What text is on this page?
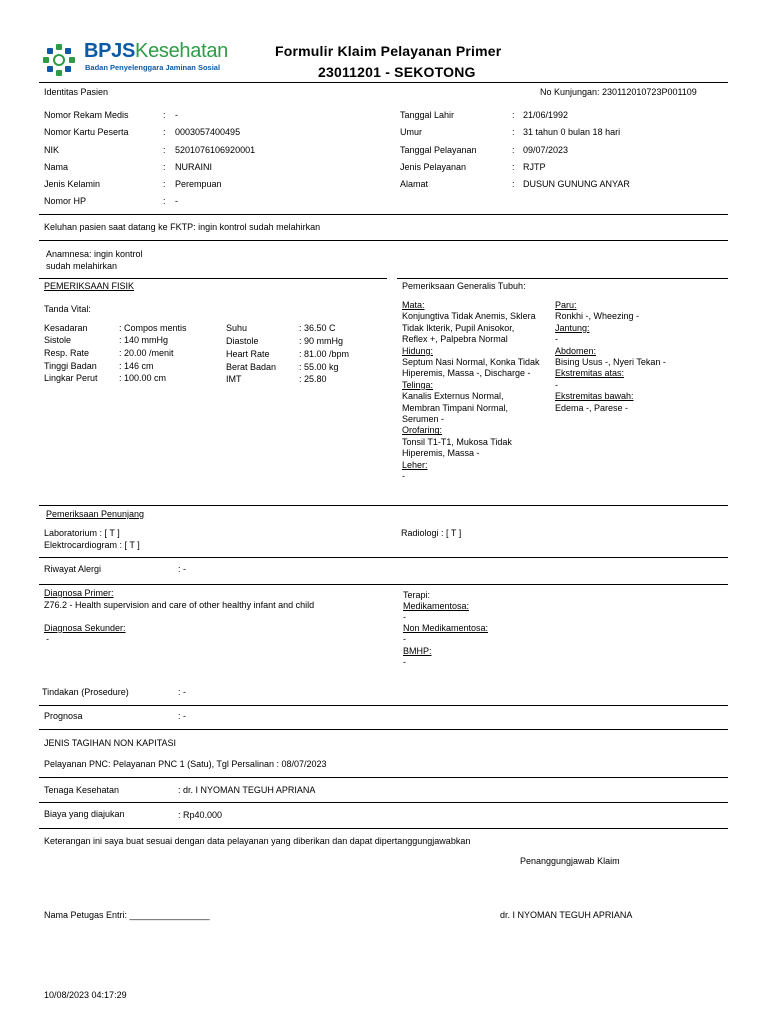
BPJSKesehatan
Badan Penyelenggara Jaminan Sosial
Formulir Klaim Pelayanan Primer
23011201 - SEKOTONG
Identitas Pasien	No Kunjungan: 230112010723P001109
Nomor Rekam Medis	: -
Nomor Kartu Peserta	: 0003057400495
NIK	: 5201076106920001
Nama	: NURAINI
Jenis Kelamin	: Perempuan
Nomor HP	: -
Tanggal Lahir	: 21/06/1992
Umur	: 31 tahun 0 bulan 18 hari
Tanggal Pelayanan	: 09/07/2023
Jenis Pelayanan	: RJTP
Alamat	: DUSUN GUNUNG ANYAR
Keluhan pasien saat datang ke FKTP: ingin kontrol sudah melahirkan
Anamnesa: ingin kontrol
sudah melahirkan
PEMERIKSAAN FISIK
Tanda Vital:
Kesadaran	: Compos mentis
Sistole	: 140 mmHg
Resp. Rate	: 20.00 /menit
Tinggi Badan : 146 cm
Lingkar Perut : 100.00 cm
Suhu	: 36.50 C
Diastole	: 90 mmHg
Heart Rate	: 81.00 /bpm
Berat Badan	: 55.00 kg
IMT	: 25.80
Pemeriksaan Generalis Tubuh:
Mata:
Konjungtiva Tidak Anemis, Sklera Tidak Ikterik, Pupil Anisokor, Reflex +, Palpebra Normal
Hidung:
Septum Nasi Normal, Konka Tidak Hiperemis, Massa -, Discharge -
Telinga:
Kanalis Externus Normal, Membran Timpani Normal, Serumen -
Orofaring:
Tonsil T1-T1, Mukosa Tidak Hiperemis, Massa -
Leher:
-
Paru:
Ronkhi -, Wheezing -
Jantung:
-
Abdomen:
Bising Usus -, Nyeri Tekan -
Ekstremitas atas:
-
Ekstremitas bawah:
Edema -, Parese -
Pemeriksaan Penunjang
Laboratorium : [ T ]
Elektrocardiogram : [ T ]
Radiologi : [ T ]
Riwayat Alergi	: -
Diagnosa Primer:
Z76.2 - Health supervision and care of other healthy infant and child
Diagnosa Sekunder:
-
Terapi:
Medikamentosa:
-
Non Medikamentosa:
-
BMHP:
-
Tindakan (Prosedure)	: -
Prognosa	: -
JENIS TAGIHAN NON KAPITASI
Pelayanan PNC: Pelayanan PNC 1 (Satu), Tgl Persalinan : 08/07/2023
Tenaga Kesehatan	: dr. I NYOMAN TEGUH APRIANA
Biaya yang diajukan	: Rp40.000
Keterangan ini saya buat sesuai dengan data pelayanan yang diberikan dan dapat dipertanggungjawabkan
Penanggungjawab Klaim
Nama Petugas Entri: ________________	dr. I NYOMAN TEGUH APRIANA
10/08/2023 04:17:29
